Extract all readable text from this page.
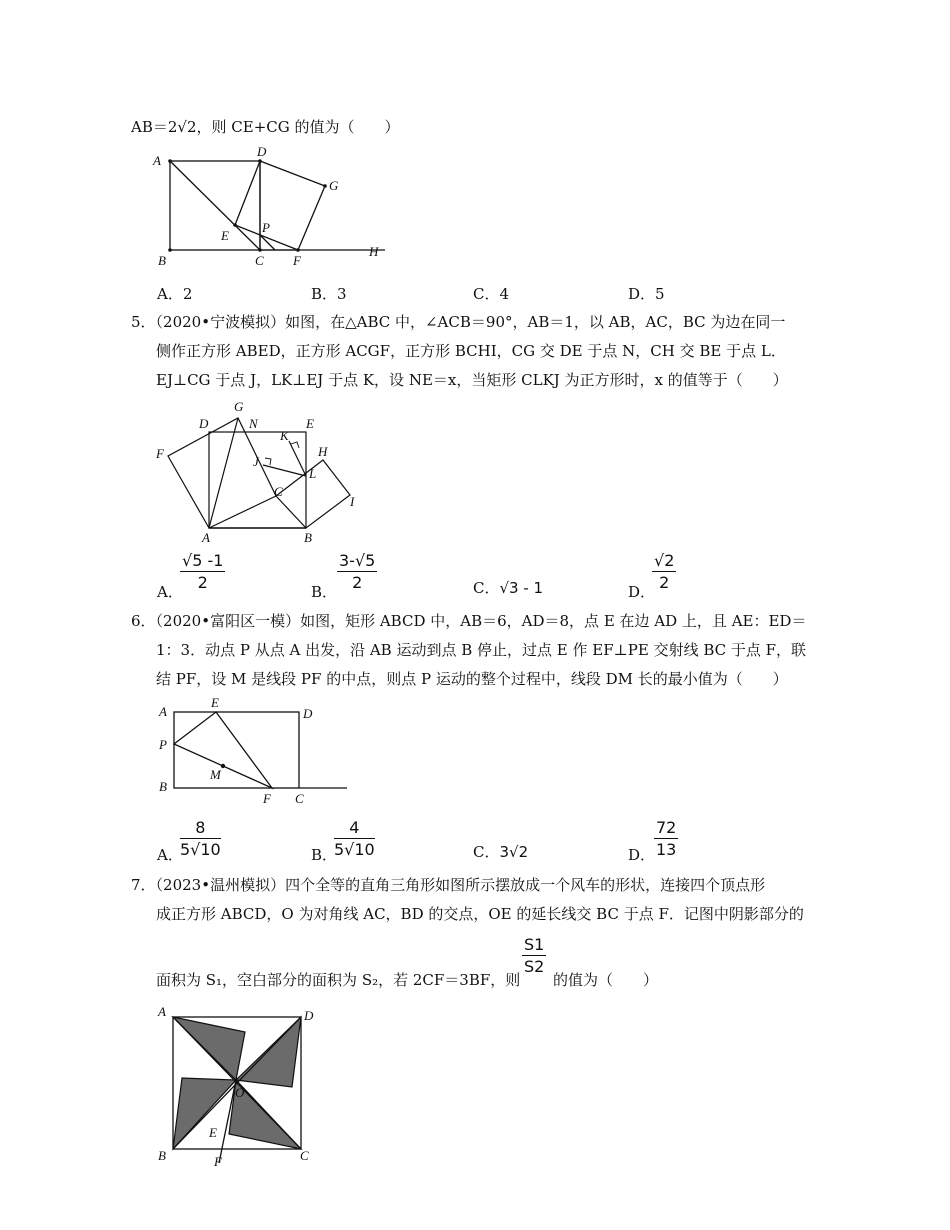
AB＝2√2，则 CE+CG 的值为（　　）
A
D
G
E
P
B	C F
H
A．2	B．3	C．4	D．5
5．（2020•宁波模拟）如图，在△ABC 中，∠ACB＝90°，AB＝1，以 AB，AC，BC 为边在同一
侧作正方形 ABED，正方形 ACGF，正方形 BCHI，CG 交 DE 于点 N，CH 交 BE 于点 L．
EJ⊥CG 于点 J，LK⊥EJ 于点 K，设 NE＝x，当矩形 CLKJ 为正方形时，x 的值等于（　　）
G
D	N	E
K
H
F
J
L
C
I
A	B
A．
√5 -1
2	B．
3-√5
2	C．√3 - 1	D．
√2
2
6．（2020•富阳区一模）如图，矩形 ABCD 中，AB＝6，AD＝8，点 E 在边 AD 上，且 AE：ED＝
1：3．动点 P 从点 A 出发，沿 AB 运动到点 B 停止，过点 E 作 EF⊥PE 交射线 BC 于点 F，联
结 PF，设 M 是线段 PF 的中点，则点 P 运动的整个过程中，线段 DM 长的最小值为（　　）
A
E
D
P
M
B
F C
A．
8
5√10	B．
4
5√10	C．3√2	D．
72
13
7．（2023•温州模拟）四个全等的直角三角形如图所示摆放成一个风车的形状，连接四个顶点形
成正方形 ABCD，O 为对角线 AC，BD 的交点，OE 的延长线交 BC 于点 F．记图中阴影部分的
面积为 S₁，空白部分的面积为 S₂，若 2CF＝3BF，则
S1
S2
的值为（　　）
A	D
O
E
B	F	C
